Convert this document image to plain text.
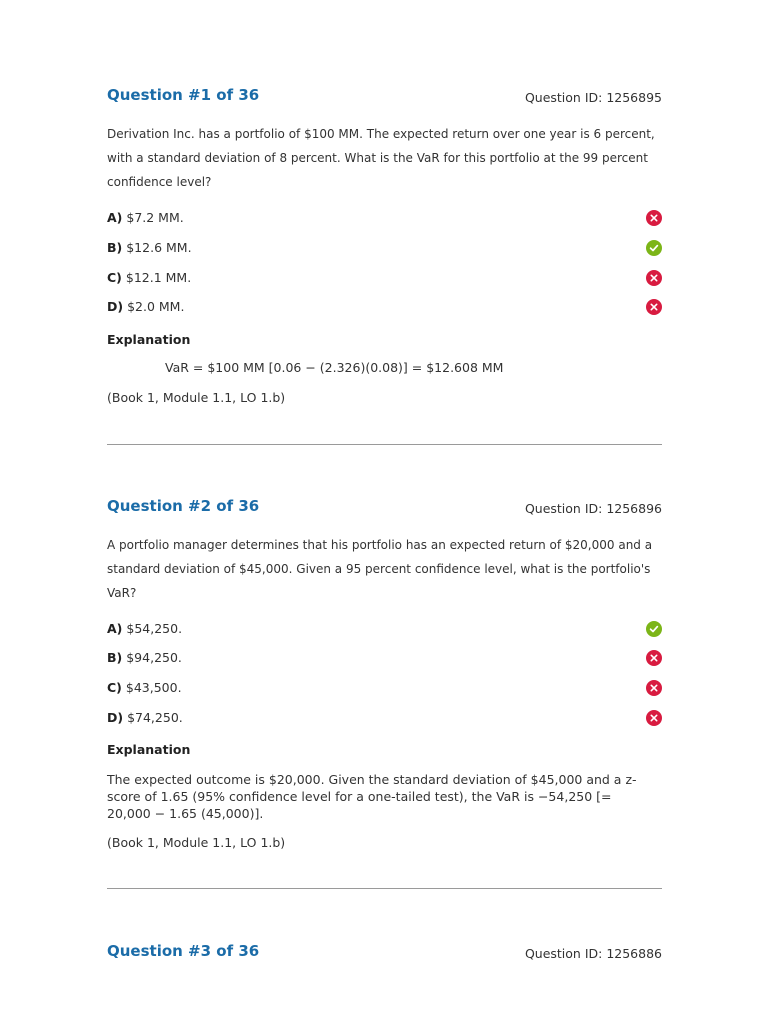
Question #1 of 36	Question ID: 1256895
Derivation Inc. has a portfolio of $100 MM. The expected return over one year is 6 percent, with a standard deviation of 8 percent. What is the VaR for this portfolio at the 99 percent confidence level?
A) $7.2 MM.
B) $12.6 MM.
C) $12.1 MM.
D) $2.0 MM.
Explanation
VaR = $100 MM [0.06 − (2.326)(0.08)] = $12.608 MM
(Book 1, Module 1.1, LO 1.b)
Question #2 of 36	Question ID: 1256896
A portfolio manager determines that his portfolio has an expected return of $20,000 and a standard deviation of $45,000. Given a 95 percent confidence level, what is the portfolio's VaR?
A) $54,250.
B) $94,250.
C) $43,500.
D) $74,250.
Explanation
The expected outcome is $20,000. Given the standard deviation of $45,000 and a z-score of 1.65 (95% confidence level for a one-tailed test), the VaR is −54,250 [= 20,000 − 1.65 (45,000)].
(Book 1, Module 1.1, LO 1.b)
Question #3 of 36	Question ID: 1256886
